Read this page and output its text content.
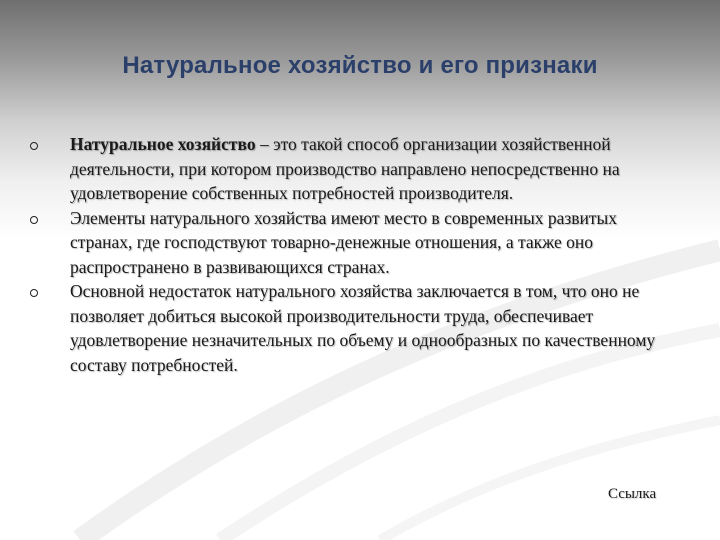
Натуральное хозяйство и его признаки
Натуральное хозяйство – это такой способ организации хозяйственной деятельности, при котором производство направлено непосредственно на удовлетворение собственных потребностей производителя.
Элементы натурального хозяйства имеют место в современных развитых странах, где господствуют товарно-денежные отношения, а также оно распространено в развивающихся странах.
Основной недостаток натурального хозяйства заключается в том, что оно не позволяет добиться высокой производительности труда, обеспечивает удовлетворение незначительных по объему и однообразных по качественному составу потребностей.
Ссылка
